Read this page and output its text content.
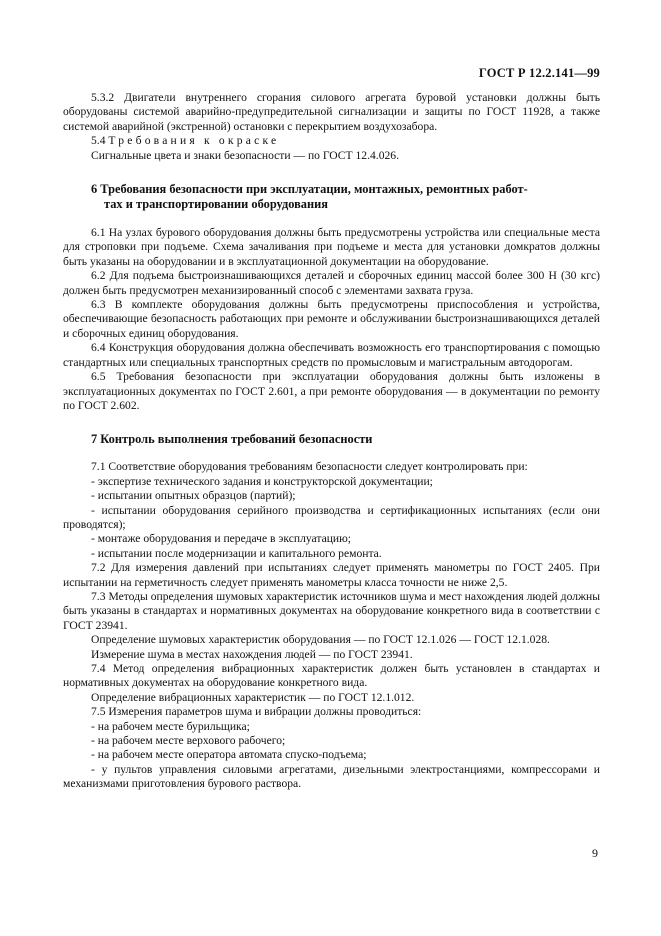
ГОСТ Р 12.2.141—99

5.3.2 Двигатели внутреннего сгорания силового агрегата буровой установки должны быть оборудованы системой аварийно-предупредительной сигнализации и защиты по ГОСТ 11928, а также системой аварийной (экстренной) остановки с перекрытием воздухозабора.

5.4 Требования к окраске

Сигнальные цвета и знаки безопасности — по ГОСТ 12.4.026.

6 Требования безопасности при эксплуатации, монтажных, ремонтных работ-
тах и транспортировании оборудования

6.1 На узлах бурового оборудования должны быть предусмотрены устройства или специальные места для строповки при подъеме. Схема зачаливания при подъеме и места для установки домкратов должны быть указаны на оборудовании и в эксплуатационной документации на оборудование.

6.2 Для подъема быстроизнашивающихся деталей и сборочных единиц массой более 300 Н (30 кгс) должен быть предусмотрен механизированный способ с элементами захвата груза.

6.3 В комплекте оборудования должны быть предусмотрены приспособления и устройства, обеспечивающие безопасность работающих при ремонте и обслуживании быстроизнашивающихся деталей и сборочных единиц оборудования.

6.4 Конструкция оборудования должна обеспечивать возможность его транспортирования с помощью стандартных или специальных транспортных средств по промысловым и магистральным автодорогам.

6.5 Требования безопасности при эксплуатации оборудования должны быть изложены в эксплуатационных документах по ГОСТ 2.601, а при ремонте оборудования — в документации по ремонту по ГОСТ 2.602.

7 Контроль выполнения требований безопасности

7.1 Соответствие оборудования требованиям безопасности следует контролировать при:

- экспертизе технического задания и конструкторской документации;

- испытании опытных образцов (партий);

- испытании оборудования серийного производства и сертификационных испытаниях (если они проводятся);

- монтаже оборудования и передаче в эксплуатацию;

- испытании после модернизации и капитального ремонта.

7.2 Для измерения давлений при испытаниях следует применять манометры по ГОСТ 2405. При испытании на герметичность следует применять манометры класса точности не ниже 2,5.

7.3 Методы определения шумовых характеристик источников шума и мест нахождения людей должны быть указаны в стандартах и нормативных документах на оборудование конкретного вида в соответствии с ГОСТ 23941.

Определение шумовых характеристик оборудования — по ГОСТ 12.1.026 — ГОСТ 12.1.028.

Измерение шума в местах нахождения людей — по ГОСТ 23941.

7.4 Метод определения вибрационных характеристик должен быть установлен в стандартах и нормативных документах на оборудование конкретного вида.

Определение вибрационных характеристик — по ГОСТ 12.1.012.

7.5 Измерения параметров шума и вибрации должны проводиться:

- на рабочем месте бурильщика;

- на рабочем месте верхового рабочего;

- на рабочем месте оператора автомата спуско-подъема;

- у пультов управления силовыми агрегатами, дизельными электростанциями, компрессорами и механизмами приготовления бурового раствора.

9
